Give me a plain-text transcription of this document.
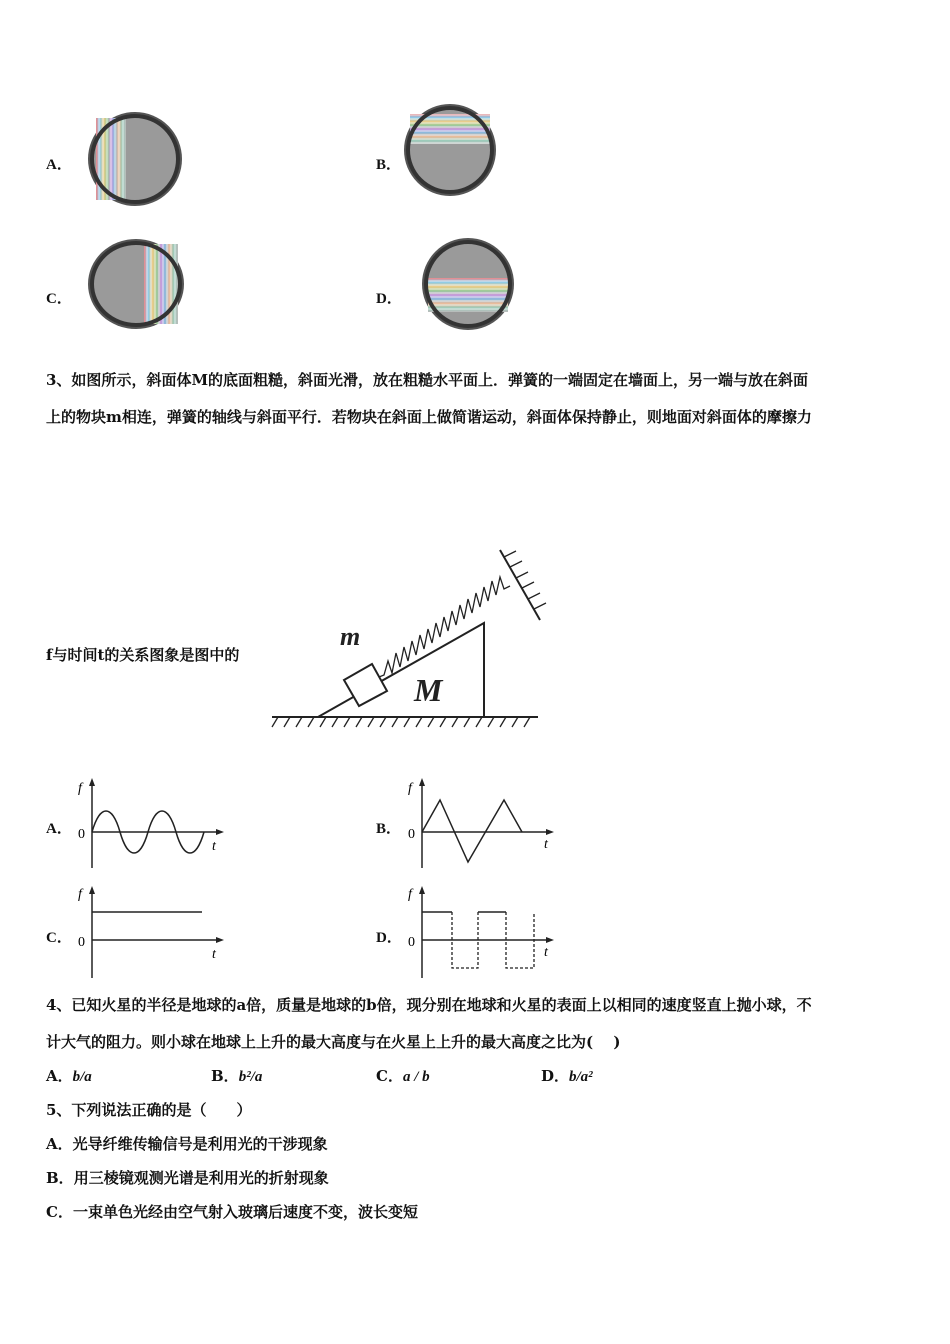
A．	B．
C．	D．
3、如图所示，斜面体M的底面粗糙，斜面光滑，放在粗糙水平面上．弹簧的一端固定在墙面上，另一端与放在斜面
上的物块m相连，弹簧的轴线与斜面平行．若物块在斜面上做简谐运动，斜面体保持静止，则地面对斜面体的摩擦力
f与时间t的关系图象是图中的
m
M
A．
f
0
t
B．
f
0
t
C．
f
0
t
D．
f
0
t
4、已知火星的半径是地球的a倍，质量是地球的b倍，现分别在地球和火星的表面上以相同的速度竖直上抛小球，不
计大气的阻力。则小球在地球上上升的最大高度与在火星上上升的最大高度之比为(　 )
A．b/a	B．b²/a	C．a / b	D．b/a²
5、下列说法正确的是（　　）
A．光导纤维传输信号是利用光的干涉现象
B．用三棱镜观测光谱是利用光的折射现象
C．一束单色光经由空气射入玻璃后速度不变，波长变短
